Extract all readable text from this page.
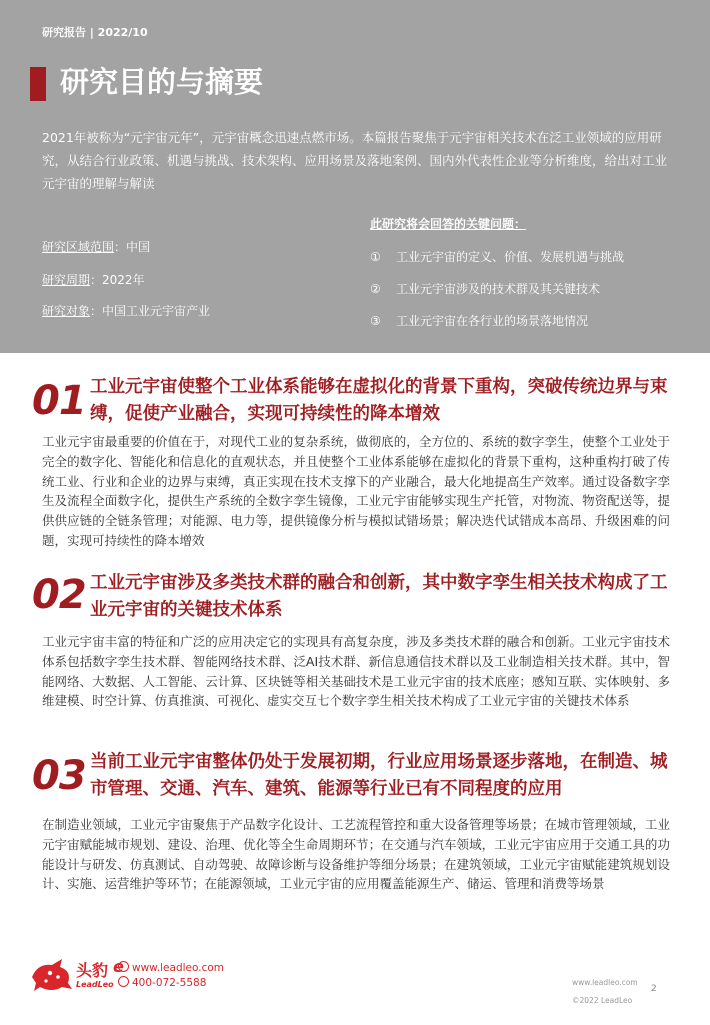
研究报告 | 2022/10
研究目的与摘要
2021年被称为“元宇宙元年”，元宇宙概念迅速点燃市场。本篇报告聚焦于元宇宙相关技术在泛工业领域的应用研究，从结合行业政策、机遇与挑战、技术架构、应用场景及落地案例、国内外代表性企业等分析维度，给出对工业元宇宙的理解与解读
研究区域范围：中国
研究周期：2022年
研究对象：中国工业元宇宙产业
此研究将会回答的关键问题：
① 工业元宇宙的定义、价值、发展机遇与挑战
② 工业元宇宙涉及的技术群及其关键技术
③ 工业元宇宙在各行业的场景落地情况
01 工业元宇宙使整个工业体系能够在虚拟化的背景下重构，突破传统边界与束缚，促使产业融合，实现可持续性的降本增效
工业元宇宙最重要的价值在于，对现代工业的复杂系统，做彻底的，全方位的、系统的数字孪生，使整个工业处于完全的数字化、智能化和信息化的直观状态，并且使整个工业体系能够在虚拟化的背景下重构，这种重构打破了传统工业、行业和企业的边界与束缚，真正实现在技术支撑下的产业融合，最大化地提高生产效率。通过设备数字孪生及流程全面数字化，提供生产系统的全数字孪生镜像，工业元宇宙能够实现生产托管，对物流、物资配送等，提供供应链的全链条管理；对能源、电力等，提供镜像分析与模拟试错场景；解决迭代试错成本高昂、升级困难的问题，实现可持续性的降本增效
02 工业元宇宙涉及多类技术群的融合和创新，其中数字孪生相关技术构成了工业元宇宙的关键技术体系
工业元宇宙丰富的特征和广泛的应用决定它的实现具有高复杂度，涉及多类技术群的融合和创新。工业元宇宙技术体系包括数字孪生技术群、智能网络技术群、泛AI技术群、新信息通信技术群以及工业制造相关技术群。其中，智能网络、大数据、人工智能、云计算、区块链等相关基础技术是工业元宇宙的技术底座；感知互联、实体映射、多维建模、时空计算、仿真推演、可视化、虚实交互七个数字孪生相关技术构成了工业元宇宙的关键技术体系
03 当前工业元宇宙整体仍处于发展初期，行业应用场景逐步落地，在制造、城市管理、交通、汽车、建筑、能源等行业已有不同程度的应用
在制造业领域，工业元宇宙聚焦于产品数字化设计、工艺流程管控和重大设备管理等场景；在城市管理领域，工业元宇宙赋能城市规划、建设、治理、优化等全生命周期环节；在交通与汽车领域，工业元宇宙应用于交通工具的功能设计与研发、仿真测试、自动驾驶、故障诊断与设备维护等细分场景；在建筑领域，工业元宇宙赋能建筑规划设计、实施、运营维护等环节；在能源领域，工业元宇宙的应用覆盖能源生产、储运、管理和消费等场景
头豹
LeadLeo
e www.leadleo.com
400-072-5588	www.leadleo.com
©2022 LeadLeo
2
